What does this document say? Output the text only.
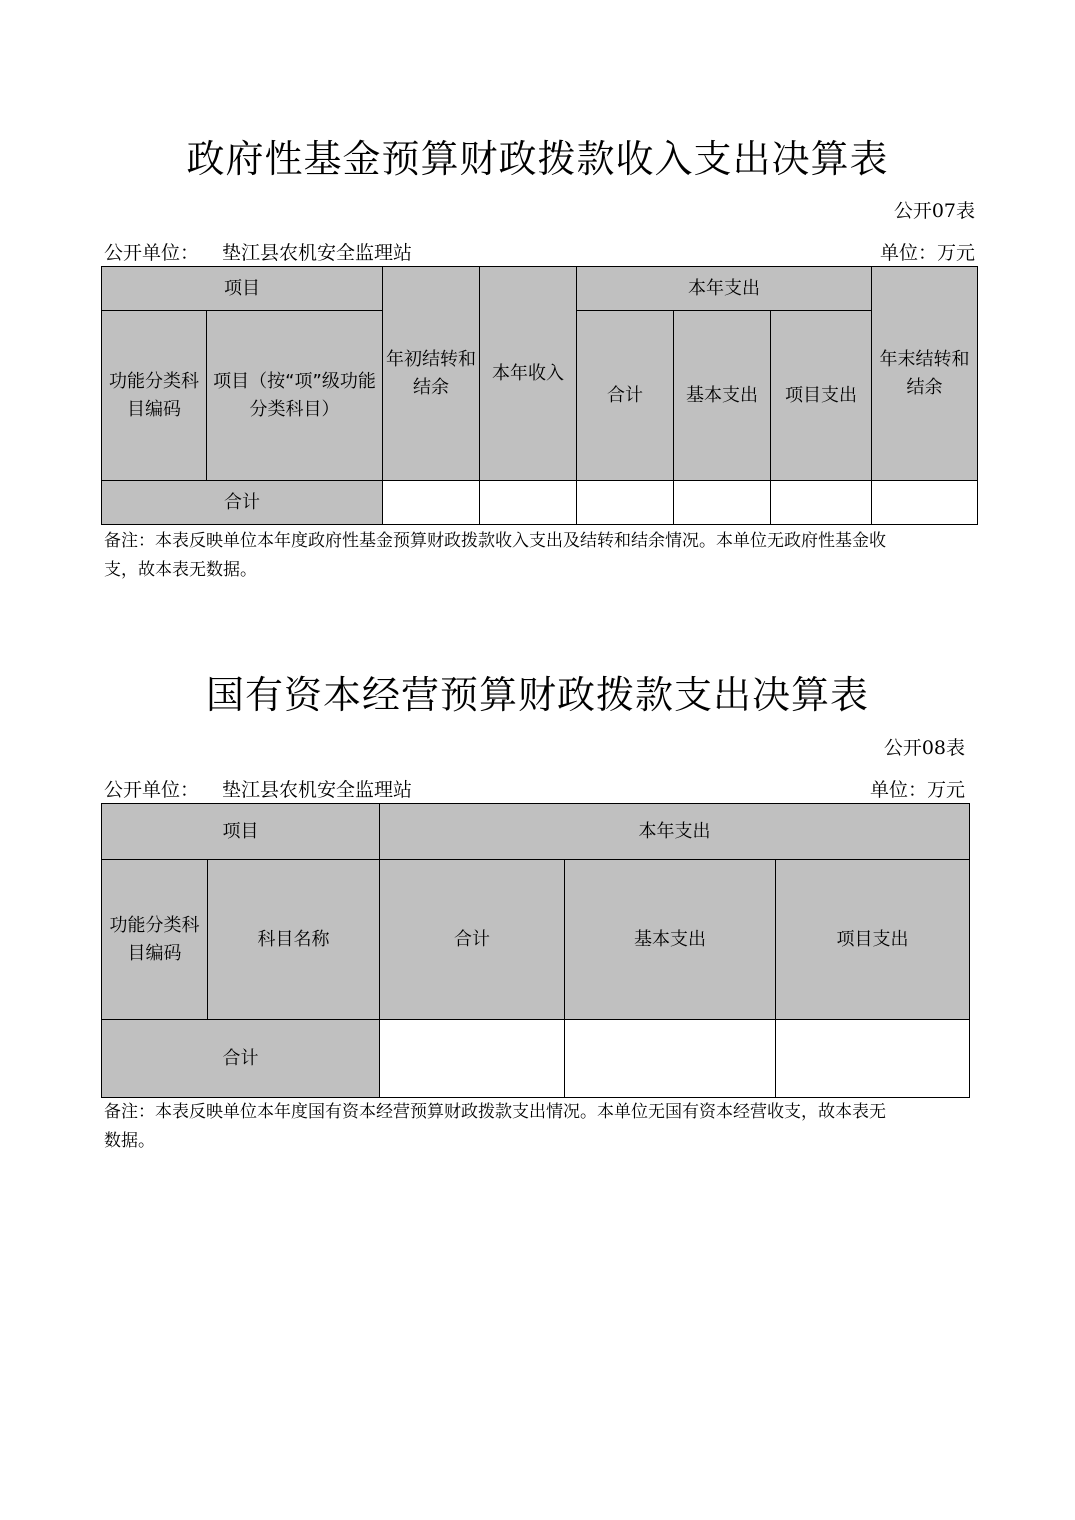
政府性基金预算财政拨款收入支出决算表
公开07表
公开单位： 垫江县农机安全监理站	单位：万元
项目		年初结转和结余	本年收入	本年支出			年末结转和结余
功能分类科目编码	项目（按“项”级功能分类科目）			合计	基本支出	项目支出	
合计							
备注：本表反映单位本年度政府性基金预算财政拨款收入支出及结转和结余情况。本单位无政府性基金收
支，故本表无数据。
国有资本经营预算财政拨款支出决算表
公开08表
公开单位： 垫江县农机安全监理站	单位：万元
项目		本年支出		
功能分类科目编码	科目名称	合计	基本支出	项目支出
合计				
备注：本表反映单位本年度国有资本经营预算财政拨款支出情况。本单位无国有资本经营收支，故本表无
数据。
